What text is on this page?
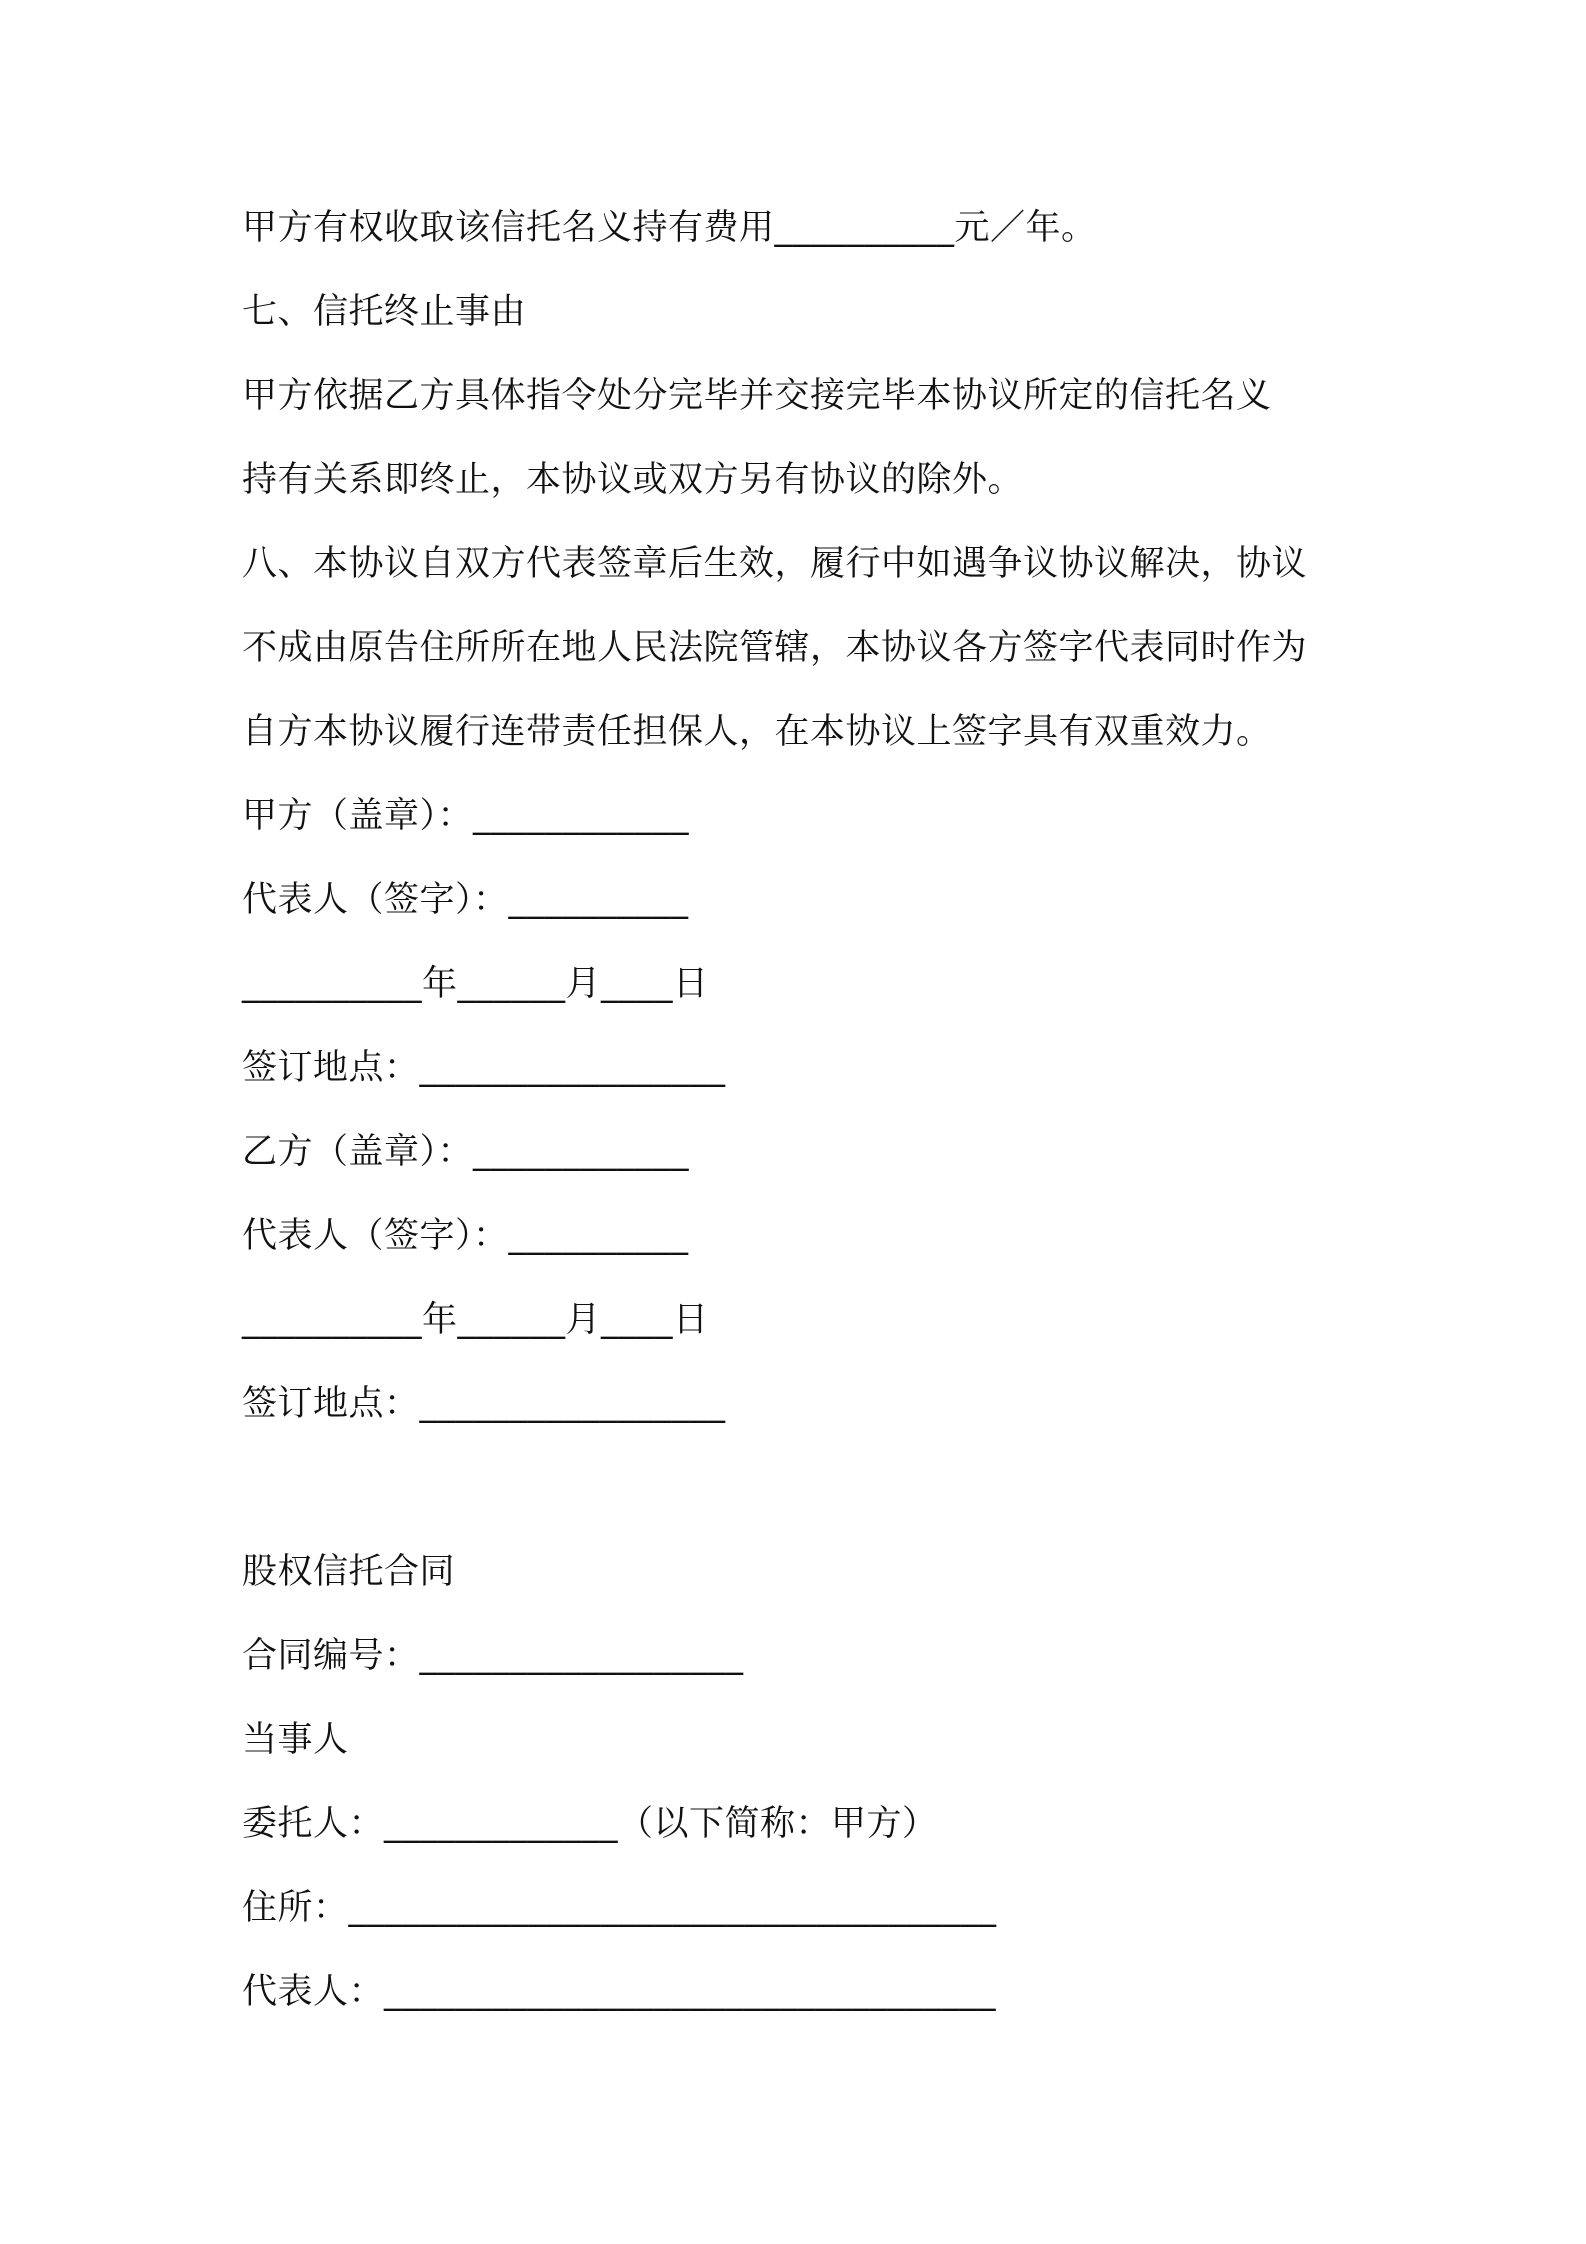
甲方有权收取该信托名义持有费用__________元／年。
七、信托终止事由
甲方依据乙方具体指令处分完毕并交接完毕本协议所定的信托名义
持有关系即终止，本协议或双方另有协议的除外。
八、本协议自双方代表签章后生效，履行中如遇争议协议解决，协议
不成由原告住所所在地人民法院管辖，本协议各方签字代表同时作为
自方本协议履行连带责任担保人，在本协议上签字具有双重效力。
甲方（盖章）：____________
代表人（签字）：__________
__________年______月____日
签订地点：_________________
乙方（盖章）：____________
代表人（签字）：__________
__________年______月____日
签订地点：_________________
股权信托合同
合同编号：__________________
当事人
委托人：_____________（以下简称：甲方）
住所：____________________________________
代表人：__________________________________
